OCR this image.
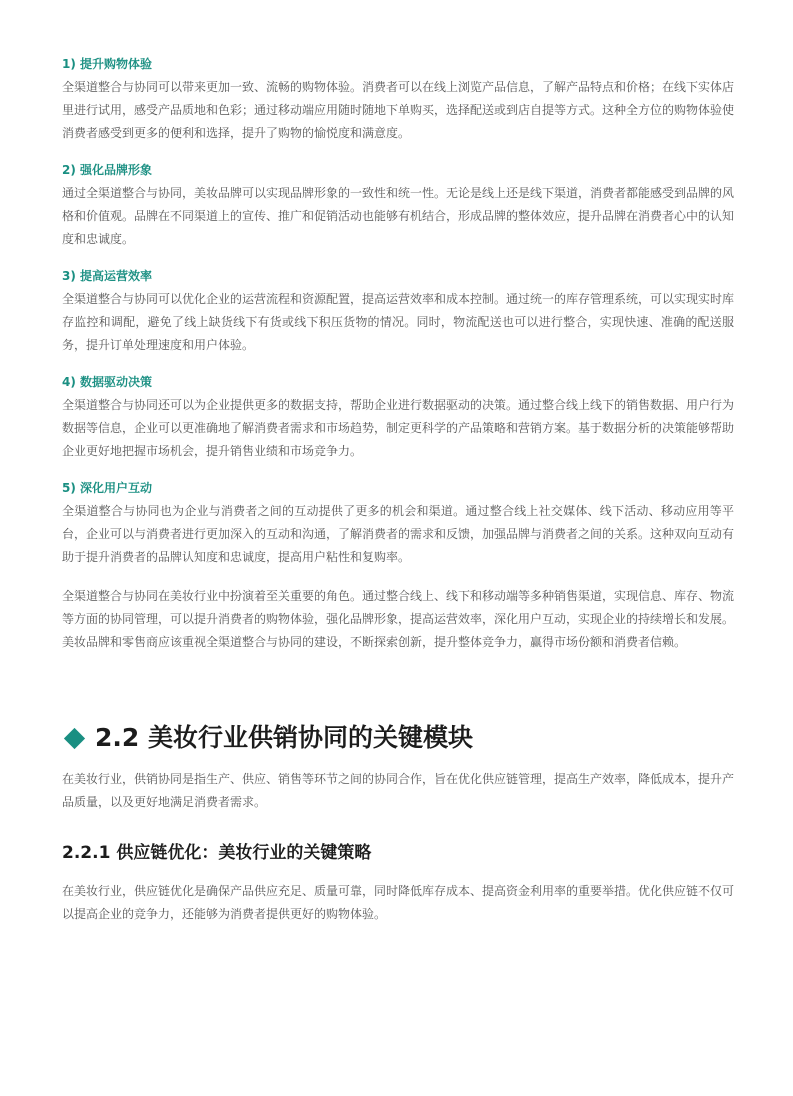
1) 提升购物体验

全渠道整合与协同可以带来更加一致、流畅的购物体验。消费者可以在线上浏览产品信息，了解产品特点和价格；在线下实体店里进行试用，感受产品质地和色彩；通过移动端应用随时随地下单购买，选择配送或到店自提等方式。这种全方位的购物体验使消费者感受到更多的便利和选择，提升了购物的愉悦度和满意度。

2) 强化品牌形象

通过全渠道整合与协同，美妆品牌可以实现品牌形象的一致性和统一性。无论是线上还是线下渠道，消费者都能感受到品牌的风格和价值观。品牌在不同渠道上的宣传、推广和促销活动也能够有机结合，形成品牌的整体效应，提升品牌在消费者心中的认知度和忠诚度。

3) 提高运营效率

全渠道整合与协同可以优化企业的运营流程和资源配置，提高运营效率和成本控制。通过统一的库存管理系统，可以实现实时库存监控和调配，避免了线上缺货线下有货或线下积压货物的情况。同时，物流配送也可以进行整合，实现快速、准确的配送服务，提升订单处理速度和用户体验。

4) 数据驱动决策

全渠道整合与协同还可以为企业提供更多的数据支持，帮助企业进行数据驱动的决策。通过整合线上线下的销售数据、用户行为数据等信息，企业可以更准确地了解消费者需求和市场趋势，制定更科学的产品策略和营销方案。基于数据分析的决策能够帮助企业更好地把握市场机会，提升销售业绩和市场竞争力。

5) 深化用户互动

全渠道整合与协同也为企业与消费者之间的互动提供了更多的机会和渠道。通过整合线上社交媒体、线下活动、移动应用等平台，企业可以与消费者进行更加深入的互动和沟通，了解消费者的需求和反馈，加强品牌与消费者之间的关系。这种双向互动有助于提升消费者的品牌认知度和忠诚度，提高用户粘性和复购率。

全渠道整合与协同在美妆行业中扮演着至关重要的角色。通过整合线上、线下和移动端等多种销售渠道，实现信息、库存、物流等方面的协同管理，可以提升消费者的购物体验，强化品牌形象，提高运营效率，深化用户互动，实现企业的持续增长和发展。美妆品牌和零售商应该重视全渠道整合与协同的建设，不断探索创新，提升整体竞争力，赢得市场份额和消费者信赖。

2.2 美妆行业供销协同的关键模块

在美妆行业，供销协同是指生产、供应、销售等环节之间的协同合作，旨在优化供应链管理，提高生产效率，降低成本，提升产品质量，以及更好地满足消费者需求。

2.2.1 供应链优化：美妆行业的关键策略

在美妆行业，供应链优化是确保产品供应充足、质量可靠，同时降低库存成本、提高资金利用率的重要举措。优化供应链不仅可以提高企业的竞争力，还能够为消费者提供更好的购物体验。
